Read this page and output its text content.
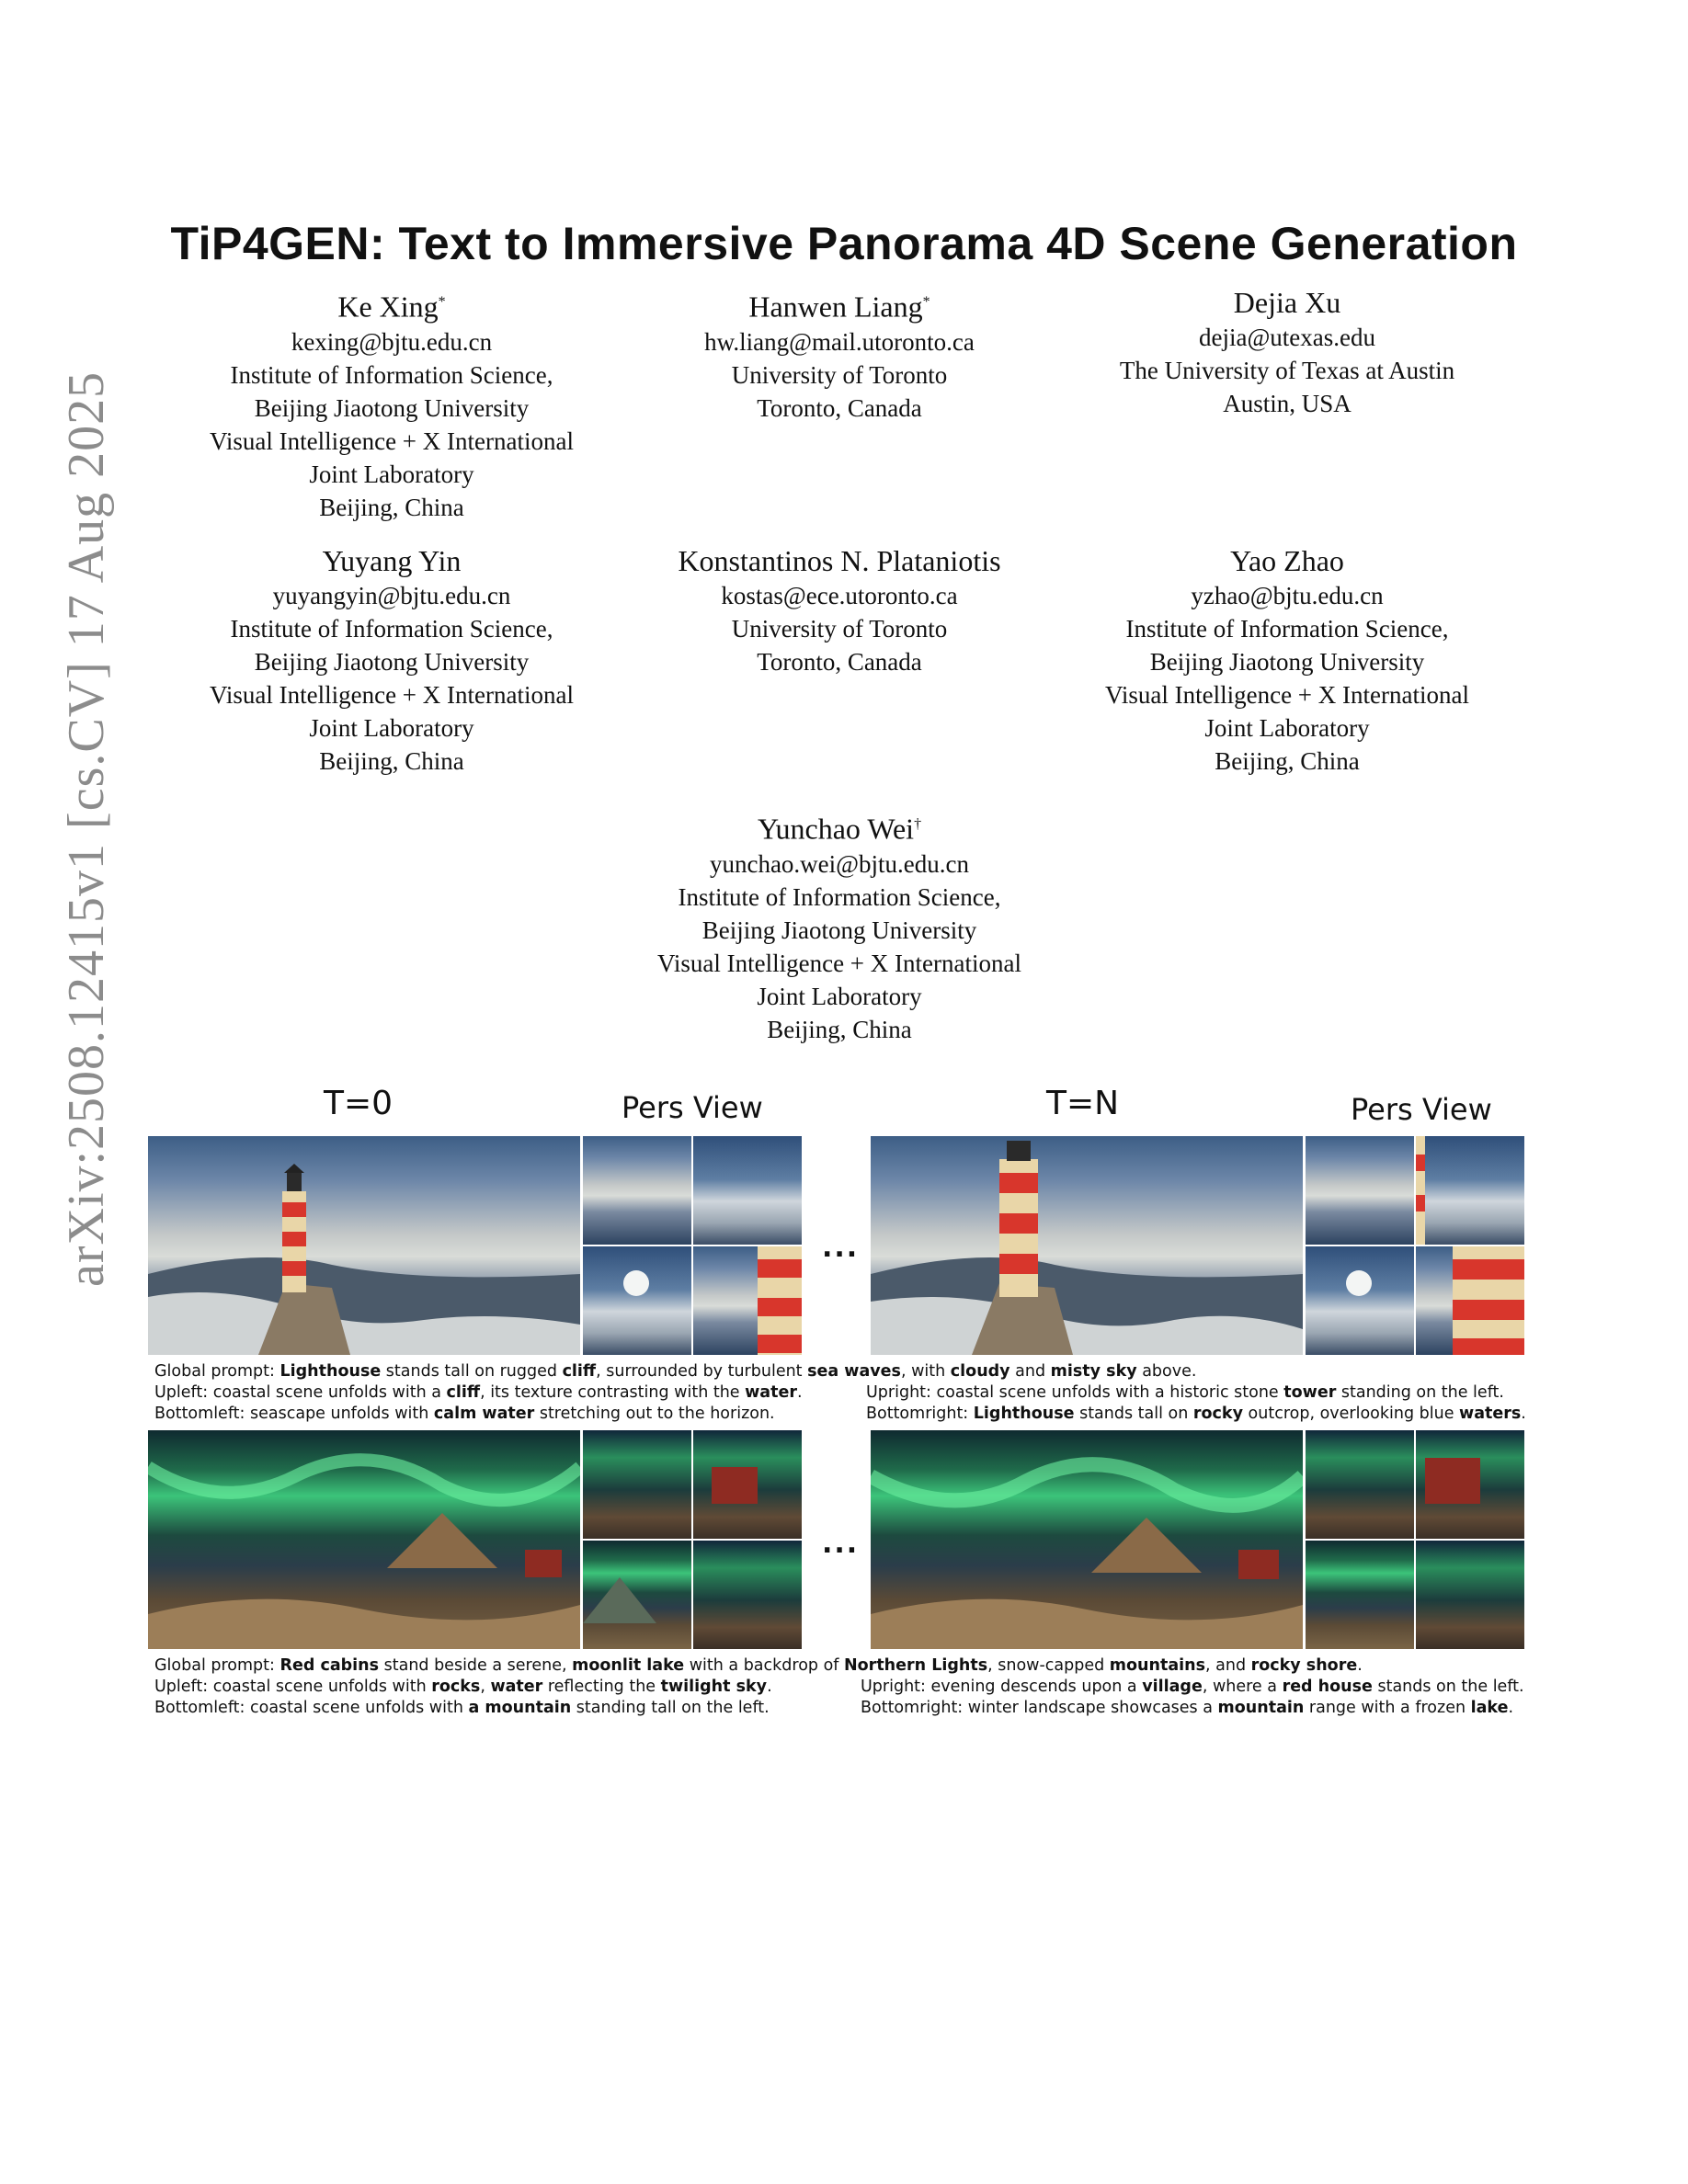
arXiv:2508.12415v1 [cs.CV] 17 Aug 2025
TiP4GEN: Text to Immersive Panorama 4D Scene Generation
Ke Xing*
kexing@bjtu.edu.cn
Institute of Information Science,
Beijing Jiaotong University
Visual Intelligence + X International
Joint Laboratory
Beijing, China
Hanwen Liang*
hw.liang@mail.utoronto.ca
University of Toronto
Toronto, Canada
Dejia Xu
dejia@utexas.edu
The University of Texas at Austin
Austin, USA
Yuyang Yin
yuyangyin@bjtu.edu.cn
Institute of Information Science,
Beijing Jiaotong University
Visual Intelligence + X International
Joint Laboratory
Beijing, China
Konstantinos N. Plataniotis
kostas@ece.utoronto.ca
University of Toronto
Toronto, Canada
Yao Zhao
yzhao@bjtu.edu.cn
Institute of Information Science,
Beijing Jiaotong University
Visual Intelligence + X International
Joint Laboratory
Beijing, China
Yunchao Wei†
yunchao.wei@bjtu.edu.cn
Institute of Information Science,
Beijing Jiaotong University
Visual Intelligence + X International
Joint Laboratory
Beijing, China
T=0	Pers View	T=N	Pers View
...
Global prompt: Lighthouse stands tall on rugged cliff, surrounded by turbulent sea waves, with cloudy and misty sky above.
Upleft: coastal scene unfolds with a cliff, its texture contrasting with the water.	Upright: coastal scene unfolds with a historic stone tower standing on the left.
Bottomleft: seascape unfolds with calm water stretching out to the horizon.	Bottomright: Lighthouse stands tall on rocky outcrop, overlooking blue waters.
...
Global prompt: Red cabins stand beside a serene, moonlit lake with a backdrop of Northern Lights, snow-capped mountains, and rocky shore.
Upleft: coastal scene unfolds with rocks, water reflecting the twilight sky.	Upright: evening descends upon a village, where a red house stands on the left.
Bottomleft: coastal scene unfolds with a mountain standing tall on the left.	Bottomright: winter landscape showcases a mountain range with a frozen lake.
